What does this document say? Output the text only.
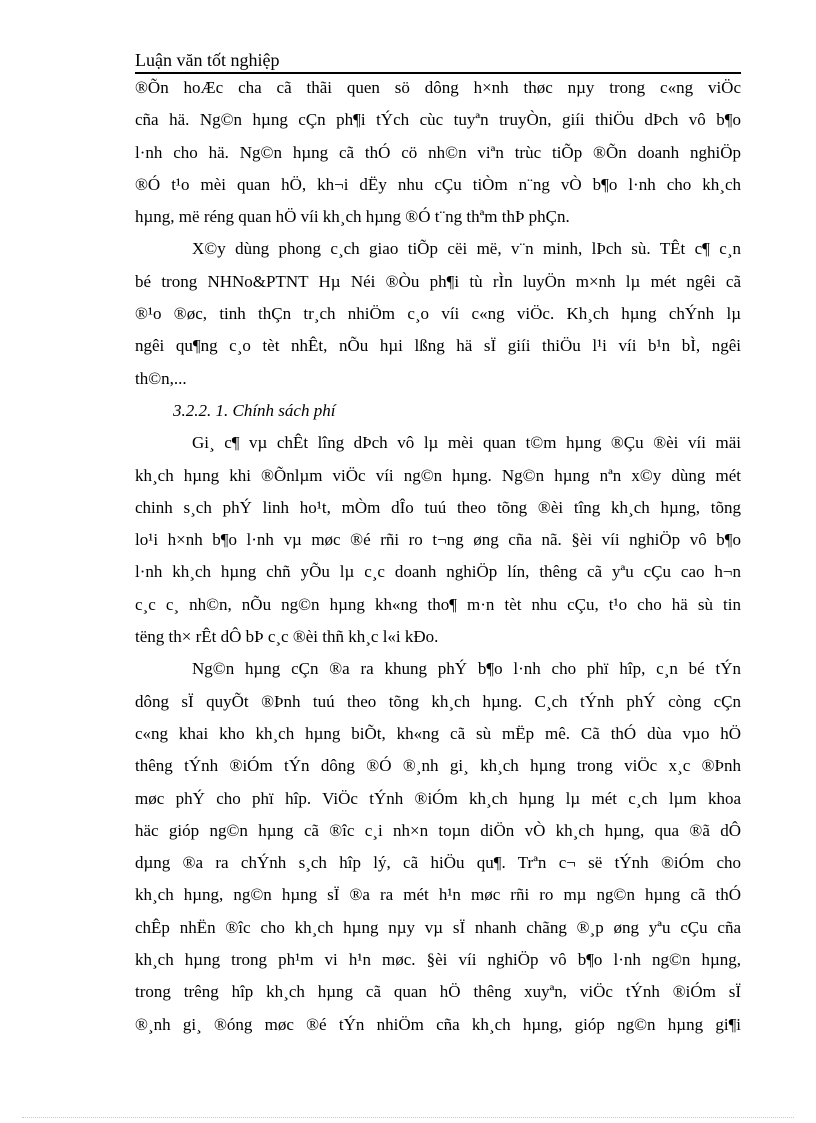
Luận văn tốt nghiệp
®Õn hoÆc cha cã thãi quen sö dông h×nh thøc nµy trong c«ng viÖc
cña hä. Ng©n hµng cÇn ph¶i tÝch cùc tuyªn truyÒn, giíi thiÖu dÞch vô b¶o
l·nh cho hä. Ng©n hµng cã thÓ cö nh©n viªn trùc tiÕp ®Õn doanh nghiÖp
®Ó t¹o mèi quan hÖ, kh¬i dËy nhu cÇu tiÒm n¨ng vÒ b¶o l·nh cho kh¸ch
hµng, më réng quan hÖ víi kh¸ch hµng ®Ó t¨ng thªm thÞ phÇn.
X©y dùng phong c¸ch giao tiÕp cëi më, v¨n minh, lÞch sù. TÊt c¶ c¸n
bé trong NHNo&PTNT Hµ Néi ®Òu ph¶i tù rÌn luyÖn m×nh lµ mét ngêi cã
®¹o ®øc, tinh thÇn tr¸ch nhiÖm c¸o víi c«ng viÖc. Kh¸ch hµng chÝnh lµ
ngêi qu¶ng c¸o tèt nhÊt, nÕu hµi lßng hä sÏ giíi thiÖu l¹i víi b¹n bÌ, ngêi
th©n,...
3.2.2. 1. Chính sách phí
Gi¸ c¶ vµ chÊt lîng dÞch vô lµ mèi quan t©m hµng ®Çu ®èi víi mäi
kh¸ch hµng khi ®Õnlµm viÖc víi ng©n hµng. Ng©n hµng nªn x©y dùng mét
chinh s¸ch phÝ linh ho¹t, mÒm dÎo tuú theo tõng ®èi tîng kh¸ch hµng, tõng
lo¹i h×nh b¶o l·nh vµ møc ®é rñi ro t¬ng øng cña nã. §èi víi nghiÖp vô b¶o
l·nh kh¸ch hµng chñ yÕu lµ c¸c doanh nghiÖp lín, thêng cã yªu cÇu cao h¬n
c¸c c¸ nh©n, nÕu ng©n hµng kh«ng tho¶ m·n tèt nhu cÇu, t¹o cho hä sù tin
tëng th× rÊt dÔ bÞ c¸c ®èi thñ kh¸c l«i kÐo.
Ng©n hµng cÇn ®a ra khung phÝ b¶o l·nh cho phï hîp, c¸n bé tÝn
dông sÏ quyÕt ®Þnh tuú theo tõng kh¸ch hµng. C¸ch tÝnh phÝ còng cÇn
c«ng khai kho kh¸ch hµng biÕt, kh«ng cã sù mËp mê. Cã thÓ dùa vµo hÖ
thêng tÝnh ®iÓm tÝn dông ®Ó ®¸nh gi¸ kh¸ch hµng trong viÖc x¸c ®Þnh
møc phÝ cho phï hîp. ViÖc tÝnh ®iÓm kh¸ch hµng lµ mét c¸ch lµm khoa
häc gióp ng©n hµng cã ®îc c¸i nh×n toµn diÖn vÒ kh¸ch hµng, qua ®ã dÔ
dµng ®a ra chÝnh s¸ch hîp lý, cã hiÖu qu¶. Trªn c¬ së tÝnh ®iÓm cho
kh¸ch hµng, ng©n hµng sÏ ®a ra mét h¹n møc rñi ro mµ ng©n hµng cã thÓ
chÊp nhËn ®îc cho kh¸ch hµng nµy vµ sÏ nhanh chãng ®¸p øng yªu cÇu cña
kh¸ch hµng trong ph¹m vi h¹n møc. §èi víi nghiÖp vô b¶o l·nh ng©n hµng,
trong trêng hîp kh¸ch hµng cã quan hÖ thêng xuyªn, viÖc tÝnh ®iÓm sÏ
®¸nh gi¸ ®óng møc ®é tÝn nhiÖm cña kh¸ch hµng, gióp ng©n hµng gi¶i
